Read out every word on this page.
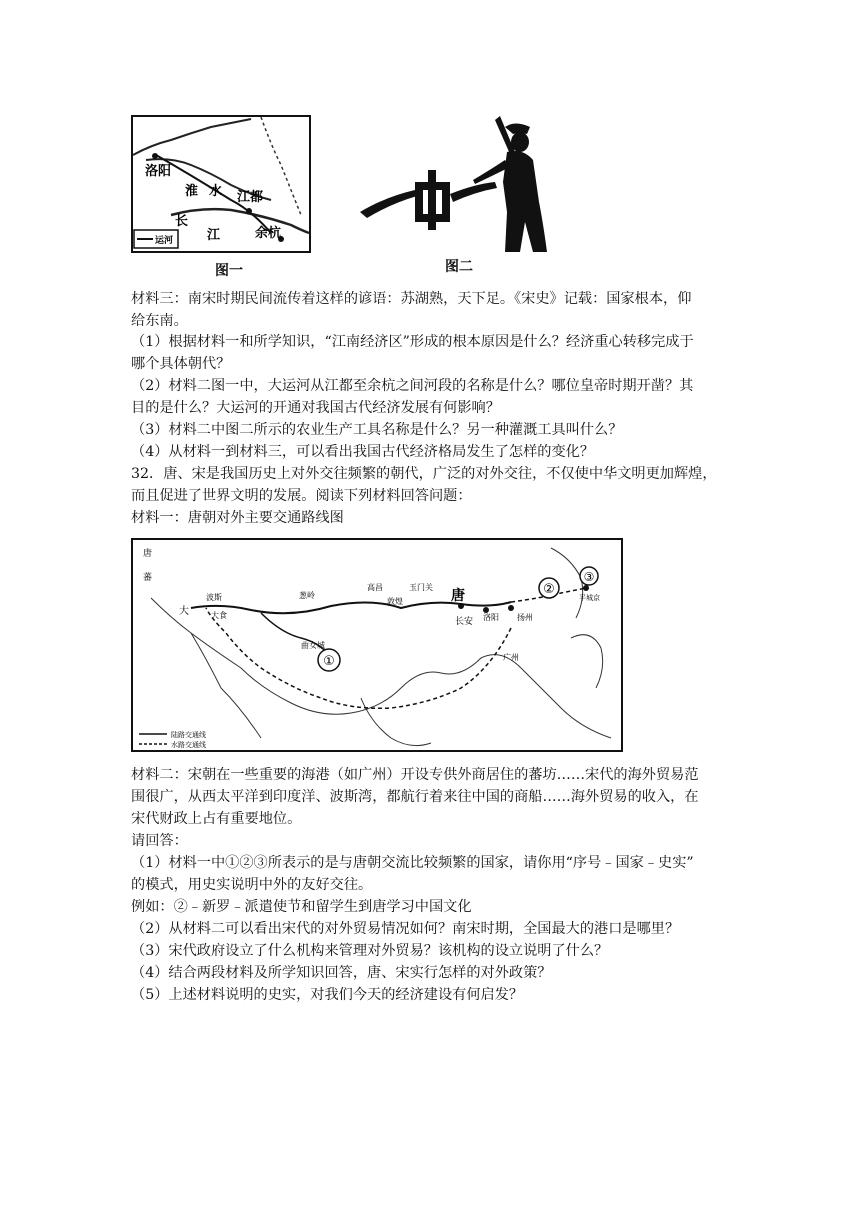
运河
洛阳
淮 水 江都
长
江	余杭
图一	图二
材料三：南宋时期民间流传着这样的谚语：苏湖熟，天下足。《宋史》记载：国家根本，仰
给东南。
（1）根据材料一和所学知识，“江南经济区”形成的根本原因是什么？经济重心转移完成于
哪个具体朝代？
（2）材料二图一中，大运河从江都至余杭之间河段的名称是什么？哪位皇帝时期开凿？其
目的是什么？大运河的开通对我国古代经济发展有何影响？
（3）材料二中图二所示的农业生产工具名称是什么？另一种灌溉工具叫什么？
（4）从材料一到材料三，可以看出我国古代经济格局发生了怎样的变化？
32．唐、宋是我国历史上对外交往频繁的朝代，广泛的对外交往，不仅使中华文明更加辉煌，
而且促进了世界文明的发展。阅读下列材料回答问题：
材料一：唐朝对外主要交通路线图
唐
蕃
大
波斯
大食
葱岭
高昌	玉门关
敦煌	唐
长安 洛阳 扬州
广州
曲女城
平城京
①
②
③
陆路交通线
水路交通线
材料二：宋朝在一些重要的海港（如广州）开设专供外商居住的蕃坊……宋代的海外贸易范
围很广，从西太平洋到印度洋、波斯湾，都航行着来往中国的商船……海外贸易的收入，在
宋代财政上占有重要地位。
请回答：
（1）材料一中①②③所表示的是与唐朝交流比较频繁的国家，请你用“序号﹣国家﹣史实”
的模式，用史实说明中外的友好交往。
例如：②﹣新罗﹣派遣使节和留学生到唐学习中国文化
（2）从材料二可以看出宋代的对外贸易情况如何？南宋时期，全国最大的港口是哪里？
（3）宋代政府设立了什么机构来管理对外贸易？该机构的设立说明了什么？
（4）结合两段材料及所学知识回答，唐、宋实行怎样的对外政策？
（5）上述材料说明的史实，对我们今天的经济建设有何启发？
